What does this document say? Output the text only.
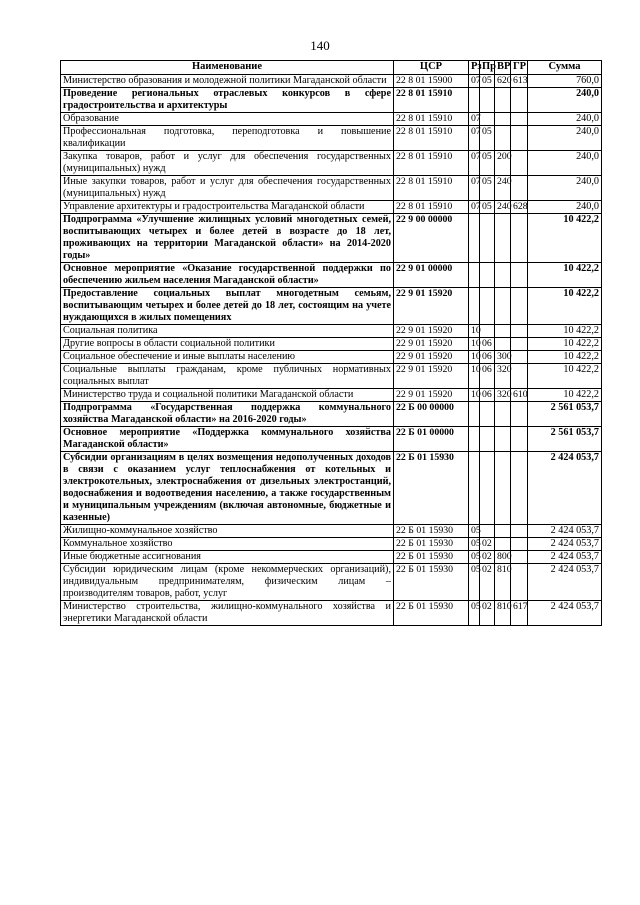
140
Наименование	ЦСР	Рз	Пр	ВР	ГР	Сумма
Министерство образования и молодежной политики Магаданской области	22 8 01 15900	07	05	620	613	760,0
Проведение региональных отраслевых конкурсов в сфере градостроительства и архитектуры	22 8 01 15910					240,0
Образование	22 8 01 15910	07				240,0
Профессиональная подготовка, переподготовка и повышение квалификации	22 8 01 15910	07	05			240,0
Закупка товаров, работ и услуг для обеспечения государственных (муниципальных) нужд	22 8 01 15910	07	05	200		240,0
Иные закупки товаров, работ и услуг для обеспечения государственных (муниципальных) нужд	22 8 01 15910	07	05	240		240,0
Управление архитектуры и градостроительства Магаданской области	22 8 01 15910	07	05	240	628	240,0
Подпрограмма «Улучшение жилищных условий многодетных семей, воспитывающих четырех и более детей в возрасте до 18 лет, проживающих на территории Магаданской области» на 2014-2020 годы»	22 9 00 00000					10 422,2
Основное мероприятие «Оказание государственной поддержки по обеспечению жильем населения Магаданской области»	22 9 01 00000					10 422,2
Предоставление социальных выплат многодетным семьям, воспитывающим четырех и более детей до 18 лет, состоящим на учете нуждающихся в жилых помещениях	22 9 01 15920					10 422,2
Социальная политика	22 9 01 15920	10				10 422,2
Другие вопросы в области социальной политики	22 9 01 15920	10	06			10 422,2
Социальное обеспечение и иные выплаты населению	22 9 01 15920	10	06	300		10 422,2
Социальные выплаты гражданам, кроме публичных нормативных социальных выплат	22 9 01 15920	10	06	320		10 422,2
Министерство труда и социальной политики Магаданской области	22 9 01 15920	10	06	320	610	10 422,2
Подпрограмма «Государственная поддержка коммунального хозяйства Магаданской области» на 2016-2020 годы»	22 Б 00 00000					2 561 053,7
Основное мероприятие «Поддержка коммунального хозяйства Магаданской области»	22 Б 01 00000					2 561 053,7
Субсидии организациям в целях возмещения недополученных доходов в связи с оказанием услуг теплоснабжения от котельных и электрокотельных, электроснабжения от дизельных электростанций, водоснабжения и водоотведения населению, а также государственным и муниципальным учреждениям (включая автономные, бюджетные и казенные)	22 Б 01 15930					2 424 053,7
Жилищно-коммунальное хозяйство	22 Б 01 15930	05				2 424 053,7
Коммунальное хозяйство	22 Б 01 15930	05	02			2 424 053,7
Иные бюджетные ассигнования	22 Б 01 15930	05	02	800		2 424 053,7
Субсидии юридическим лицам (кроме некоммерческих организаций), индивидуальным предпринимателям, физическим лицам – производителям товаров, работ, услуг	22 Б 01 15930	05	02	810		2 424 053,7
Министерство строительства, жилищно-коммунального хозяйства и энергетики Магаданской области	22 Б 01 15930	05	02	810	617	2 424 053,7
